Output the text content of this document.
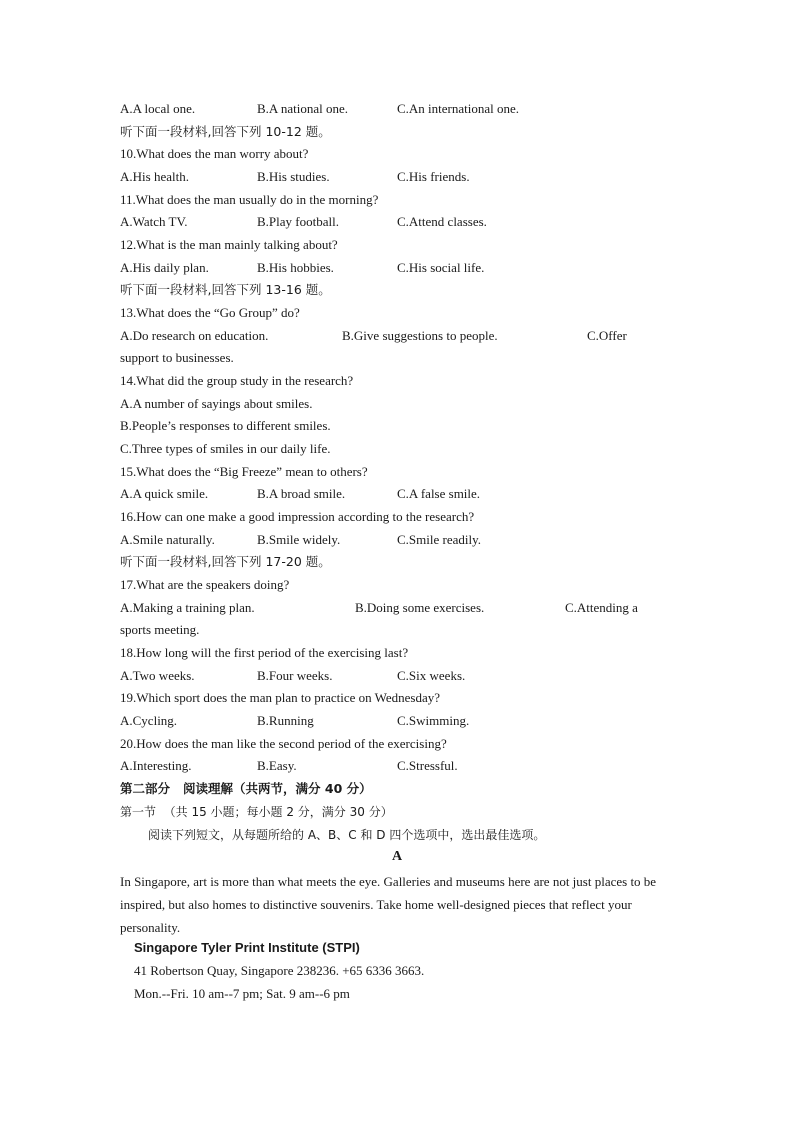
A.A local one.	B.A national one.	C.An international one.
听下面一段材料,回答下列 10-12 题。
10.What does the man worry about?
A.His health.	B.His studies.	C.His friends.
11.What does the man usually do in the morning?
A.Watch TV.	B.Play football.	C.Attend classes.
12.What is the man mainly talking about?
A.His daily plan.	B.His hobbies.	C.His social life.
听下面一段材料,回答下列 13-16 题。
13.What does the “Go Group” do?
A.Do research on education.	B.Give suggestions to people.	C.Offer
support to businesses.
14.What did the group study in the research?
A.A number of sayings about smiles.
B.People’s responses to different smiles.
C.Three types of smiles in our daily life.
15.What does the “Big Freeze” mean to others?
A.A quick smile.	B.A broad smile.	C.A false smile.
16.How can one make a good impression according to the research?
A.Smile naturally.	B.Smile widely.	C.Smile readily.
听下面一段材料,回答下列 17-20 题。
17.What are the speakers doing?
A.Making a training plan.	B.Doing some exercises.	C.Attending a
sports meeting.
18.How long will the first period of the exercising last?
A.Two weeks.	B.Four weeks.	C.Six weeks.
19.Which sport does the man plan to practice on Wednesday?
A.Cycling.	B.Running	C.Swimming.
20.How does the man like the second period of the exercising?
A.Interesting.	B.Easy.	C.Stressful.
第二部分   阅读理解（共两节，满分 40 分）
第一节  （共 15 小题；每小题 2 分，满分 30 分）
阅读下列短文，从每题所给的 A、B、C 和 D 四个选项中，选出最佳选项。
A
In Singapore, art is more than what meets the eye. Galleries and museums here are not just places to be inspired, but also homes to distinctive souvenirs. Take home well-designed pieces that reflect your personality.
Singapore Tyler Print Institute (STPI)
41 Robertson Quay, Singapore 238236. +65 6336 3663.
Mon.--Fri. 10 am--7 pm; Sat. 9 am--6 pm
